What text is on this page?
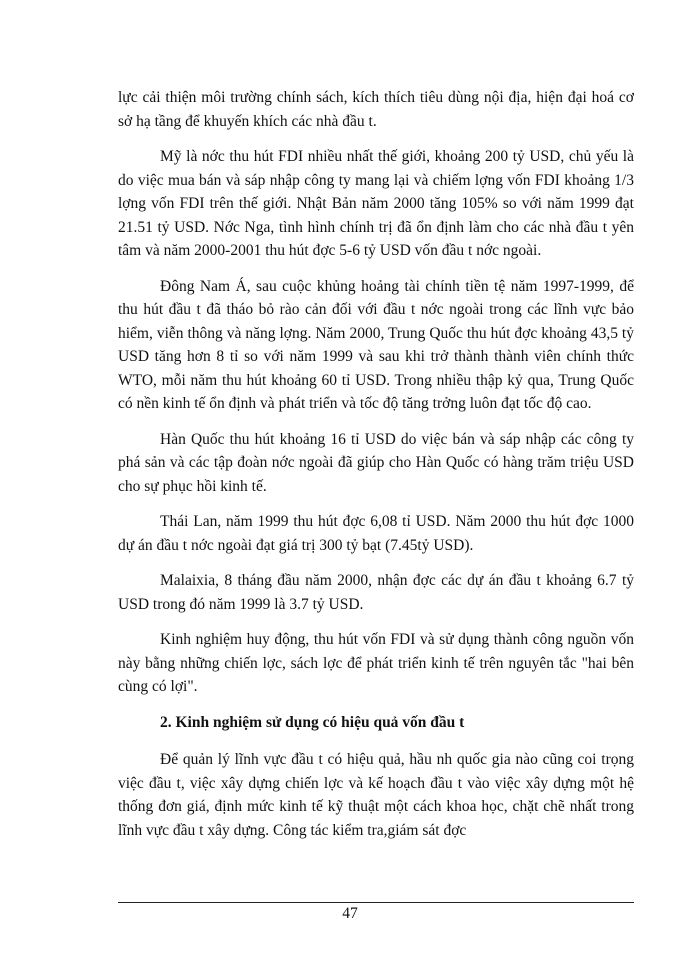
lực cải thiện môi trường chính sách, kích thích tiêu dùng nội địa, hiện đại hoá cơ sở hạ tầng để khuyến khích các nhà đầu t.

Mỹ là nớc thu hút FDI nhiều nhất thế giới, khoảng 200 tỷ USD, chủ yếu là do việc mua bán và sáp nhập công ty mang lại và chiếm lợng vốn FDI khoảng 1/3 lợng vốn FDI trên thế giới. Nhật Bản năm 2000 tăng 105% so với năm 1999 đạt 21.51 tỷ USD. Nớc Nga, tình hình chính trị đã ổn định làm cho các nhà đầu t yên tâm và năm 2000-2001 thu hút đợc 5-6 tỷ USD vốn đầu t nớc ngoài.

Đông Nam Á, sau cuộc khủng hoảng tài chính tiền tệ năm 1997-1999, để thu hút đầu t đã tháo bỏ rào cản đối với đầu t nớc ngoài trong các lĩnh vực bảo hiểm, viễn thông và năng lợng. Năm 2000, Trung Quốc thu hút đợc khoảng 43,5 tỷ USD tăng hơn 8 tỉ so với năm 1999 và sau khi trở thành thành viên chính thức WTO, mỗi năm thu hút khoảng 60 tỉ USD. Trong nhiều thập kỷ qua, Trung Quốc có nền kinh tế ổn định và phát triển và tốc độ tăng trởng luôn đạt tốc độ cao.

Hàn Quốc thu hút khoảng 16 tỉ USD do việc bán và sáp nhập các công ty phá sản và các tập đoàn nớc ngoài đã giúp cho Hàn Quốc có hàng trăm triệu USD cho sự phục hồi kinh tế.

Thái Lan, năm 1999 thu hút đợc 6,08 tỉ USD. Năm 2000 thu hút đợc 1000 dự án đầu t nớc ngoài đạt giá trị 300 tỷ bạt (7.45tỷ USD).

Malaixia, 8 tháng đầu năm 2000, nhận đợc các dự án đầu t khoảng 6.7 tỷ USD trong đó năm 1999 là 3.7 tỷ USD.

Kinh nghiệm huy động, thu hút vốn FDI và sử dụng thành công nguồn vốn này bằng những chiến lợc, sách lợc để phát triển kinh tế trên nguyên tắc "hai bên cùng có lợi".

2. Kinh nghiệm sử dụng có hiệu quả vốn đầu t

Để quản lý lĩnh vực đầu t có hiệu quả, hầu nh quốc gia nào cũng coi trọng việc đầu t, việc xây dựng chiến lợc và kế hoạch đầu t vào việc xây dựng một hệ thống đơn giá, định mức kinh tế kỹ thuật một cách khoa học, chặt chẽ nhất trong lĩnh vực đầu t xây dựng. Công tác kiểm tra,giám sát đợc

47
